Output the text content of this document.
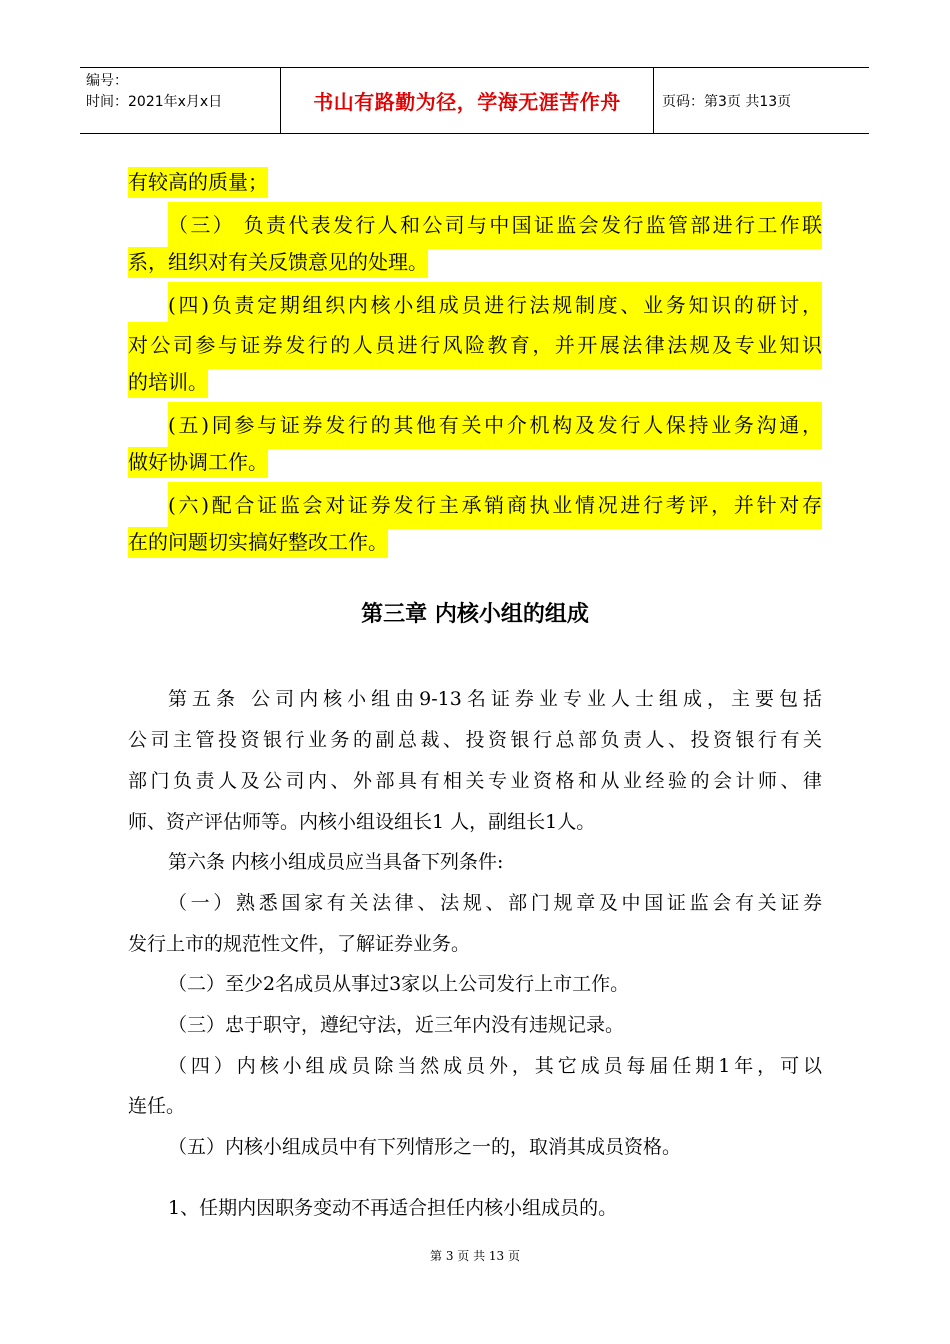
编号：
时间：2021年x月x日	书山有路勤为径，学海无涯苦作舟	页码：第3页 共13页
有较高的质量；
（三） 负责代表发行人和公司与中国证监会发行监管部进行工作联
系，组织对有关反馈意见的处理。
(四)负责定期组织内核小组成员进行法规制度、业务知识的研讨，
对公司参与证券发行的人员进行风险教育，并开展法律法规及专业知识
的培训。
(五)同参与证券发行的其他有关中介机构及发行人保持业务沟通，
做好协调工作。
(六)配合证监会对证券发行主承销商执业情况进行考评，并针对存
在的问题切实搞好整改工作。
第三章 内核小组的组成
第五条 公司内核小组由9-13名证券业专业人士组成，主要包括
公司主管投资银行业务的副总裁、投资银行总部负责人、投资银行有关
部门负责人及公司内、外部具有相关专业资格和从业经验的会计师、律
师、资产评估师等。内核小组设组长1 人，副组长1人。
第六条 内核小组成员应当具备下列条件:
（一）熟悉国家有关法律、法规、部门规章及中国证监会有关证券
发行上市的规范性文件，了解证券业务。
（二）至少2名成员从事过3家以上公司发行上市工作。
（三）忠于职守，遵纪守法，近三年内没有违规记录。
（四）内核小组成员除当然成员外，其它成员每届任期1年，可以
连任。
（五）内核小组成员中有下列情形之一的，取消其成员资格。
1、任期内因职务变动不再适合担任内核小组成员的。
第 3 页 共 13 页
